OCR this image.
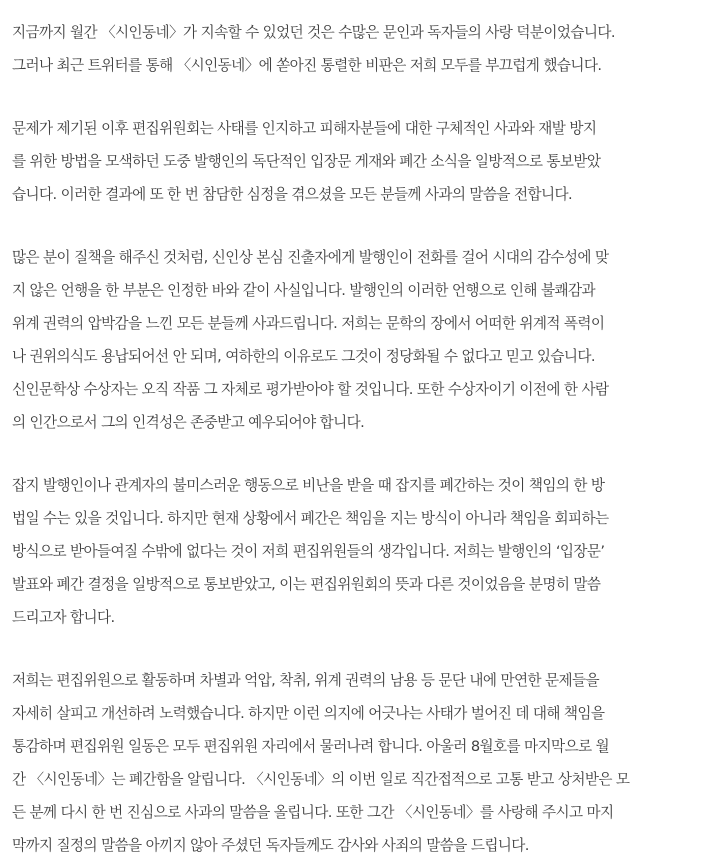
지금까지 월간 〈시인동네〉가 지속할 수 있었던 것은 수많은 문인과 독자들의 사랑 덕분이었습니다.
그러나 최근 트위터를 통해 〈시인동네〉에 쏟아진 통렬한 비판은 저희 모두를 부끄럽게 했습니다.
문제가 제기된 이후 편집위원회는 사태를 인지하고 피해자분들에 대한 구체적인 사과와 재발 방지
를 위한 방법을 모색하던 도중 발행인의 독단적인 입장문 게재와 폐간 소식을 일방적으로 통보받았
습니다. 이러한 결과에 또 한 번 참담한 심정을 겪으셨을 모든 분들께 사과의 말씀을 전합니다.
많은 분이 질책을 해주신 것처럼, 신인상 본심 진출자에게 발행인이 전화를 걸어 시대의 감수성에 맞
지 않은 언행을 한 부분은 인정한 바와 같이 사실입니다. 발행인의 이러한 언행으로 인해 불쾌감과
위계 권력의 압박감을 느낀 모든 분들께 사과드립니다. 저희는 문학의 장에서 어떠한 위계적 폭력이
나 권위의식도 용납되어선 안 되며, 여하한의 이유로도 그것이 정당화될 수 없다고 믿고 있습니다.
신인문학상 수상자는 오직 작품 그 자체로 평가받아야 할 것입니다. 또한 수상자이기 이전에 한 사람
의 인간으로서 그의 인격성은 존중받고 예우되어야 합니다.
잡지 발행인이나 관계자의 불미스러운 행동으로 비난을 받을 때 잡지를 폐간하는 것이 책임의 한 방
법일 수는 있을 것입니다. 하지만 현재 상황에서 폐간은 책임을 지는 방식이 아니라 책임을 회피하는
방식으로 받아들여질 수밖에 없다는 것이 저희 편집위원들의 생각입니다. 저희는 발행인의 ‘입장문’
발표와 폐간 결정을 일방적으로 통보받았고, 이는 편집위원회의 뜻과 다른 것이었음을 분명히 말씀
드리고자 합니다.
저희는 편집위원으로 활동하며 차별과 억압, 착취, 위계 권력의 남용 등 문단 내에 만연한 문제들을
자세히 살피고 개선하려 노력했습니다. 하지만 이런 의지에 어긋나는 사태가 벌어진 데 대해 책임을
통감하며 편집위원 일동은 모두 편집위원 자리에서 물러나려 합니다. 아울러 8월호를 마지막으로 월
간 〈시인동네〉는 폐간함을 알립니다. 〈시인동네〉의 이번 일로 직간접적으로 고통 받고 상처받은 모
든 분께 다시 한 번 진심으로 사과의 말씀을 올립니다. 또한 그간 〈시인동네〉를 사랑해 주시고 마지
막까지 질정의 말씀을 아끼지 않아 주셨던 독자들께도 감사와 사죄의 말씀을 드립니다.
